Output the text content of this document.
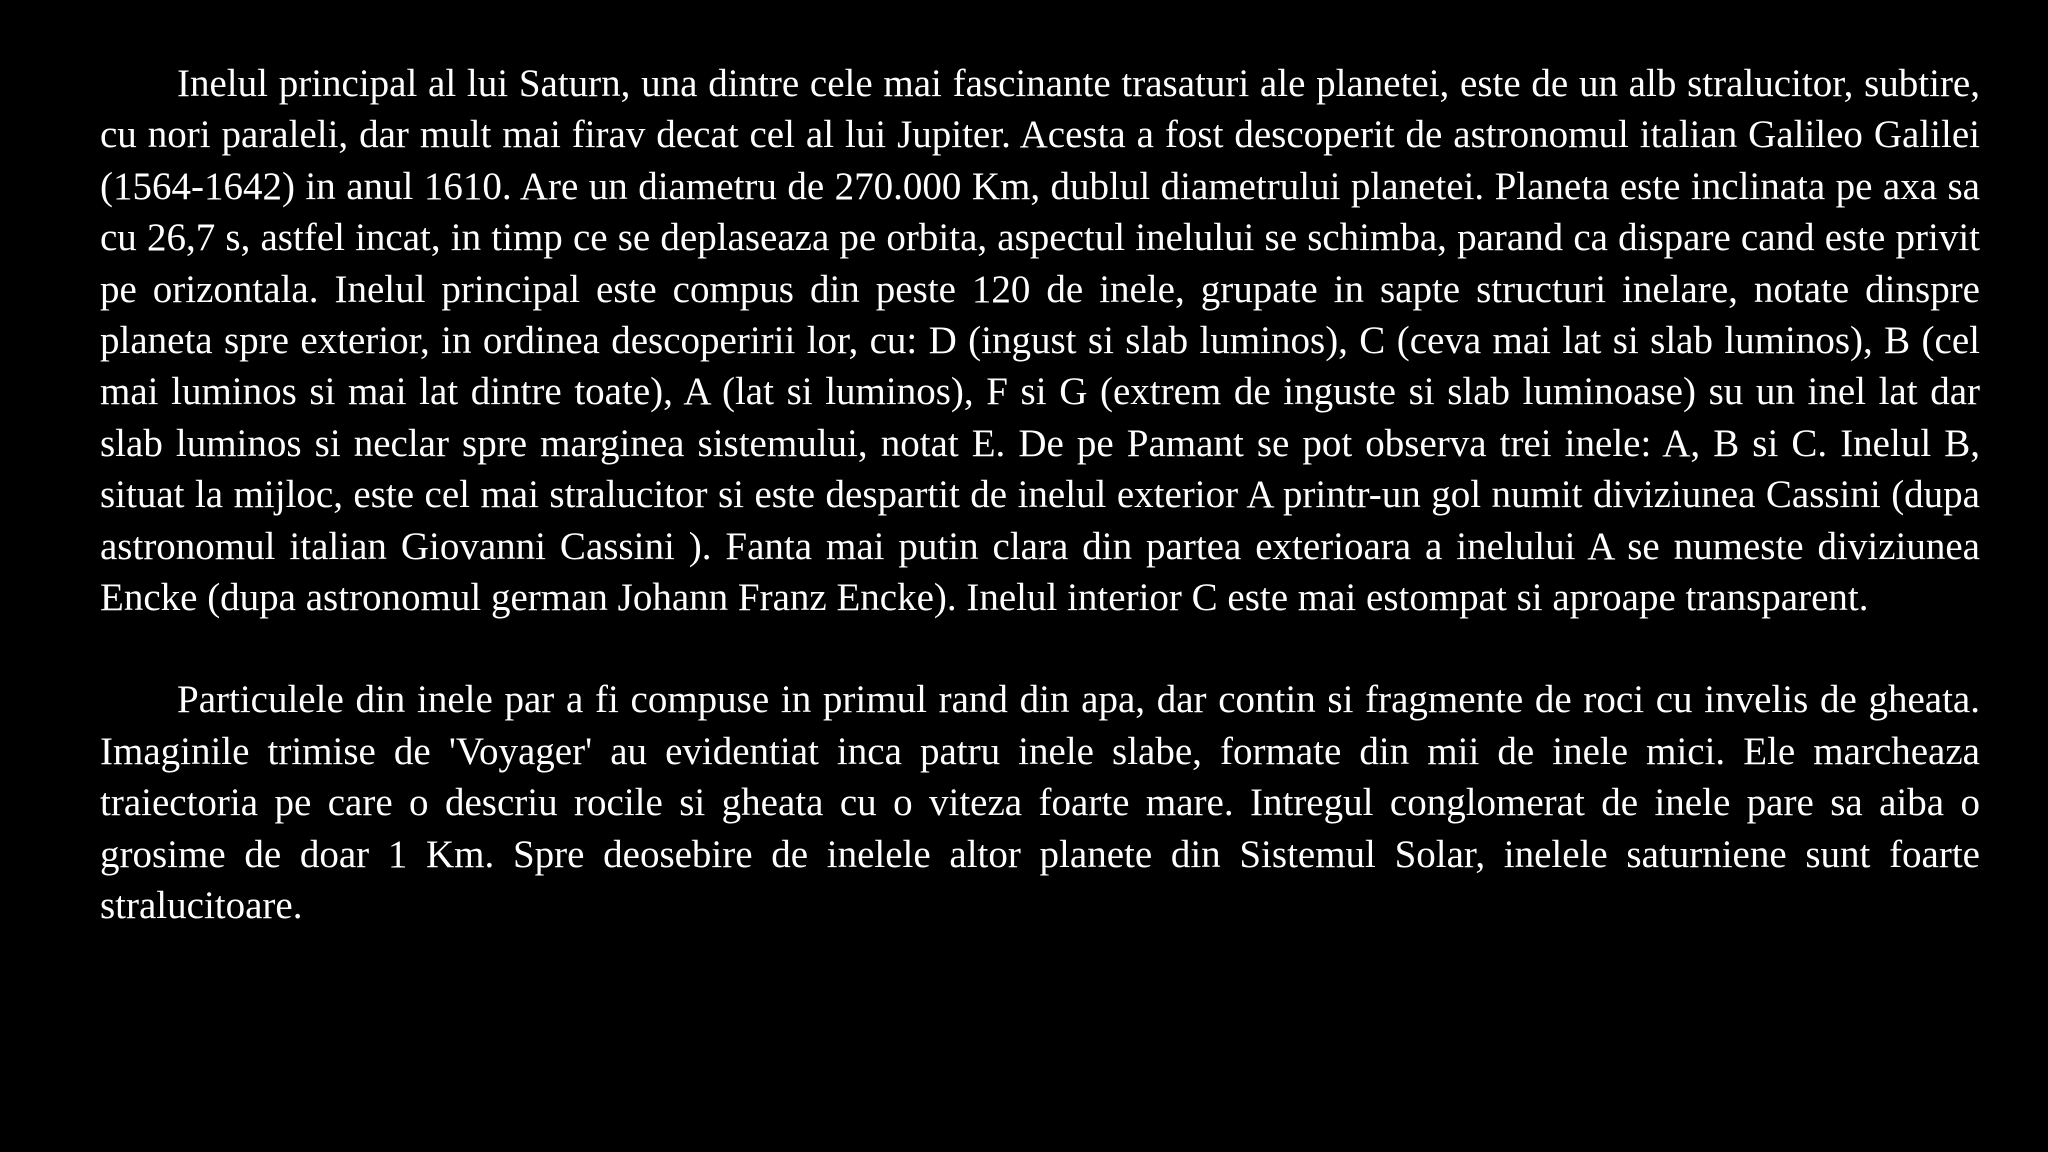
Inelul principal al lui Saturn, una dintre cele mai fascinante trasaturi ale planetei, este de un alb stralucitor, subtire, cu nori paraleli, dar mult mai firav decat cel al lui Jupiter. Acesta a fost descoperit de astronomul italian Galileo Galilei (1564-1642) in anul 1610. Are un diametru de 270.000 Km, dublul diametrului planetei. Planeta este inclinata pe axa sa cu 26,7 s, astfel incat, in timp ce se deplaseaza pe orbita, aspectul inelului se schimba, parand ca dispare cand este privit pe orizontala. Inelul principal este compus din peste 120 de inele, grupate in sapte structuri inelare, notate dinspre planeta spre exterior, in ordinea descoperirii lor, cu: D (ingust si slab luminos), C (ceva mai lat si slab luminos), B (cel mai luminos si mai lat dintre toate), A (lat si luminos), F si G (extrem de inguste si slab luminoase) su un inel lat dar slab luminos si neclar spre marginea sistemului, notat E. De pe Pamant se pot observa trei inele: A, B si C. Inelul B, situat la mijloc, este cel mai stralucitor si este despartit de inelul exterior A printr-un gol numit diviziunea Cassini (dupa astronomul italian Giovanni Cassini ). Fanta mai putin clara din partea exterioara a inelului A se numeste diviziunea Encke (dupa astronomul german Johann Franz Encke). Inelul interior C este mai estompat si aproape transparent.

Particulele din inele par a fi compuse in primul rand din apa, dar contin si fragmente de roci cu invelis de gheata. Imaginile trimise de 'Voyager' au evidentiat inca patru inele slabe, formate din mii de inele mici. Ele marcheaza traiectoria pe care o descriu rocile si gheata cu o viteza foarte mare. Intregul conglomerat de inele pare sa aiba o grosime de doar 1 Km. Spre deosebire de inelele altor planete din Sistemul Solar, inelele saturniene sunt foarte stralucitoare.
